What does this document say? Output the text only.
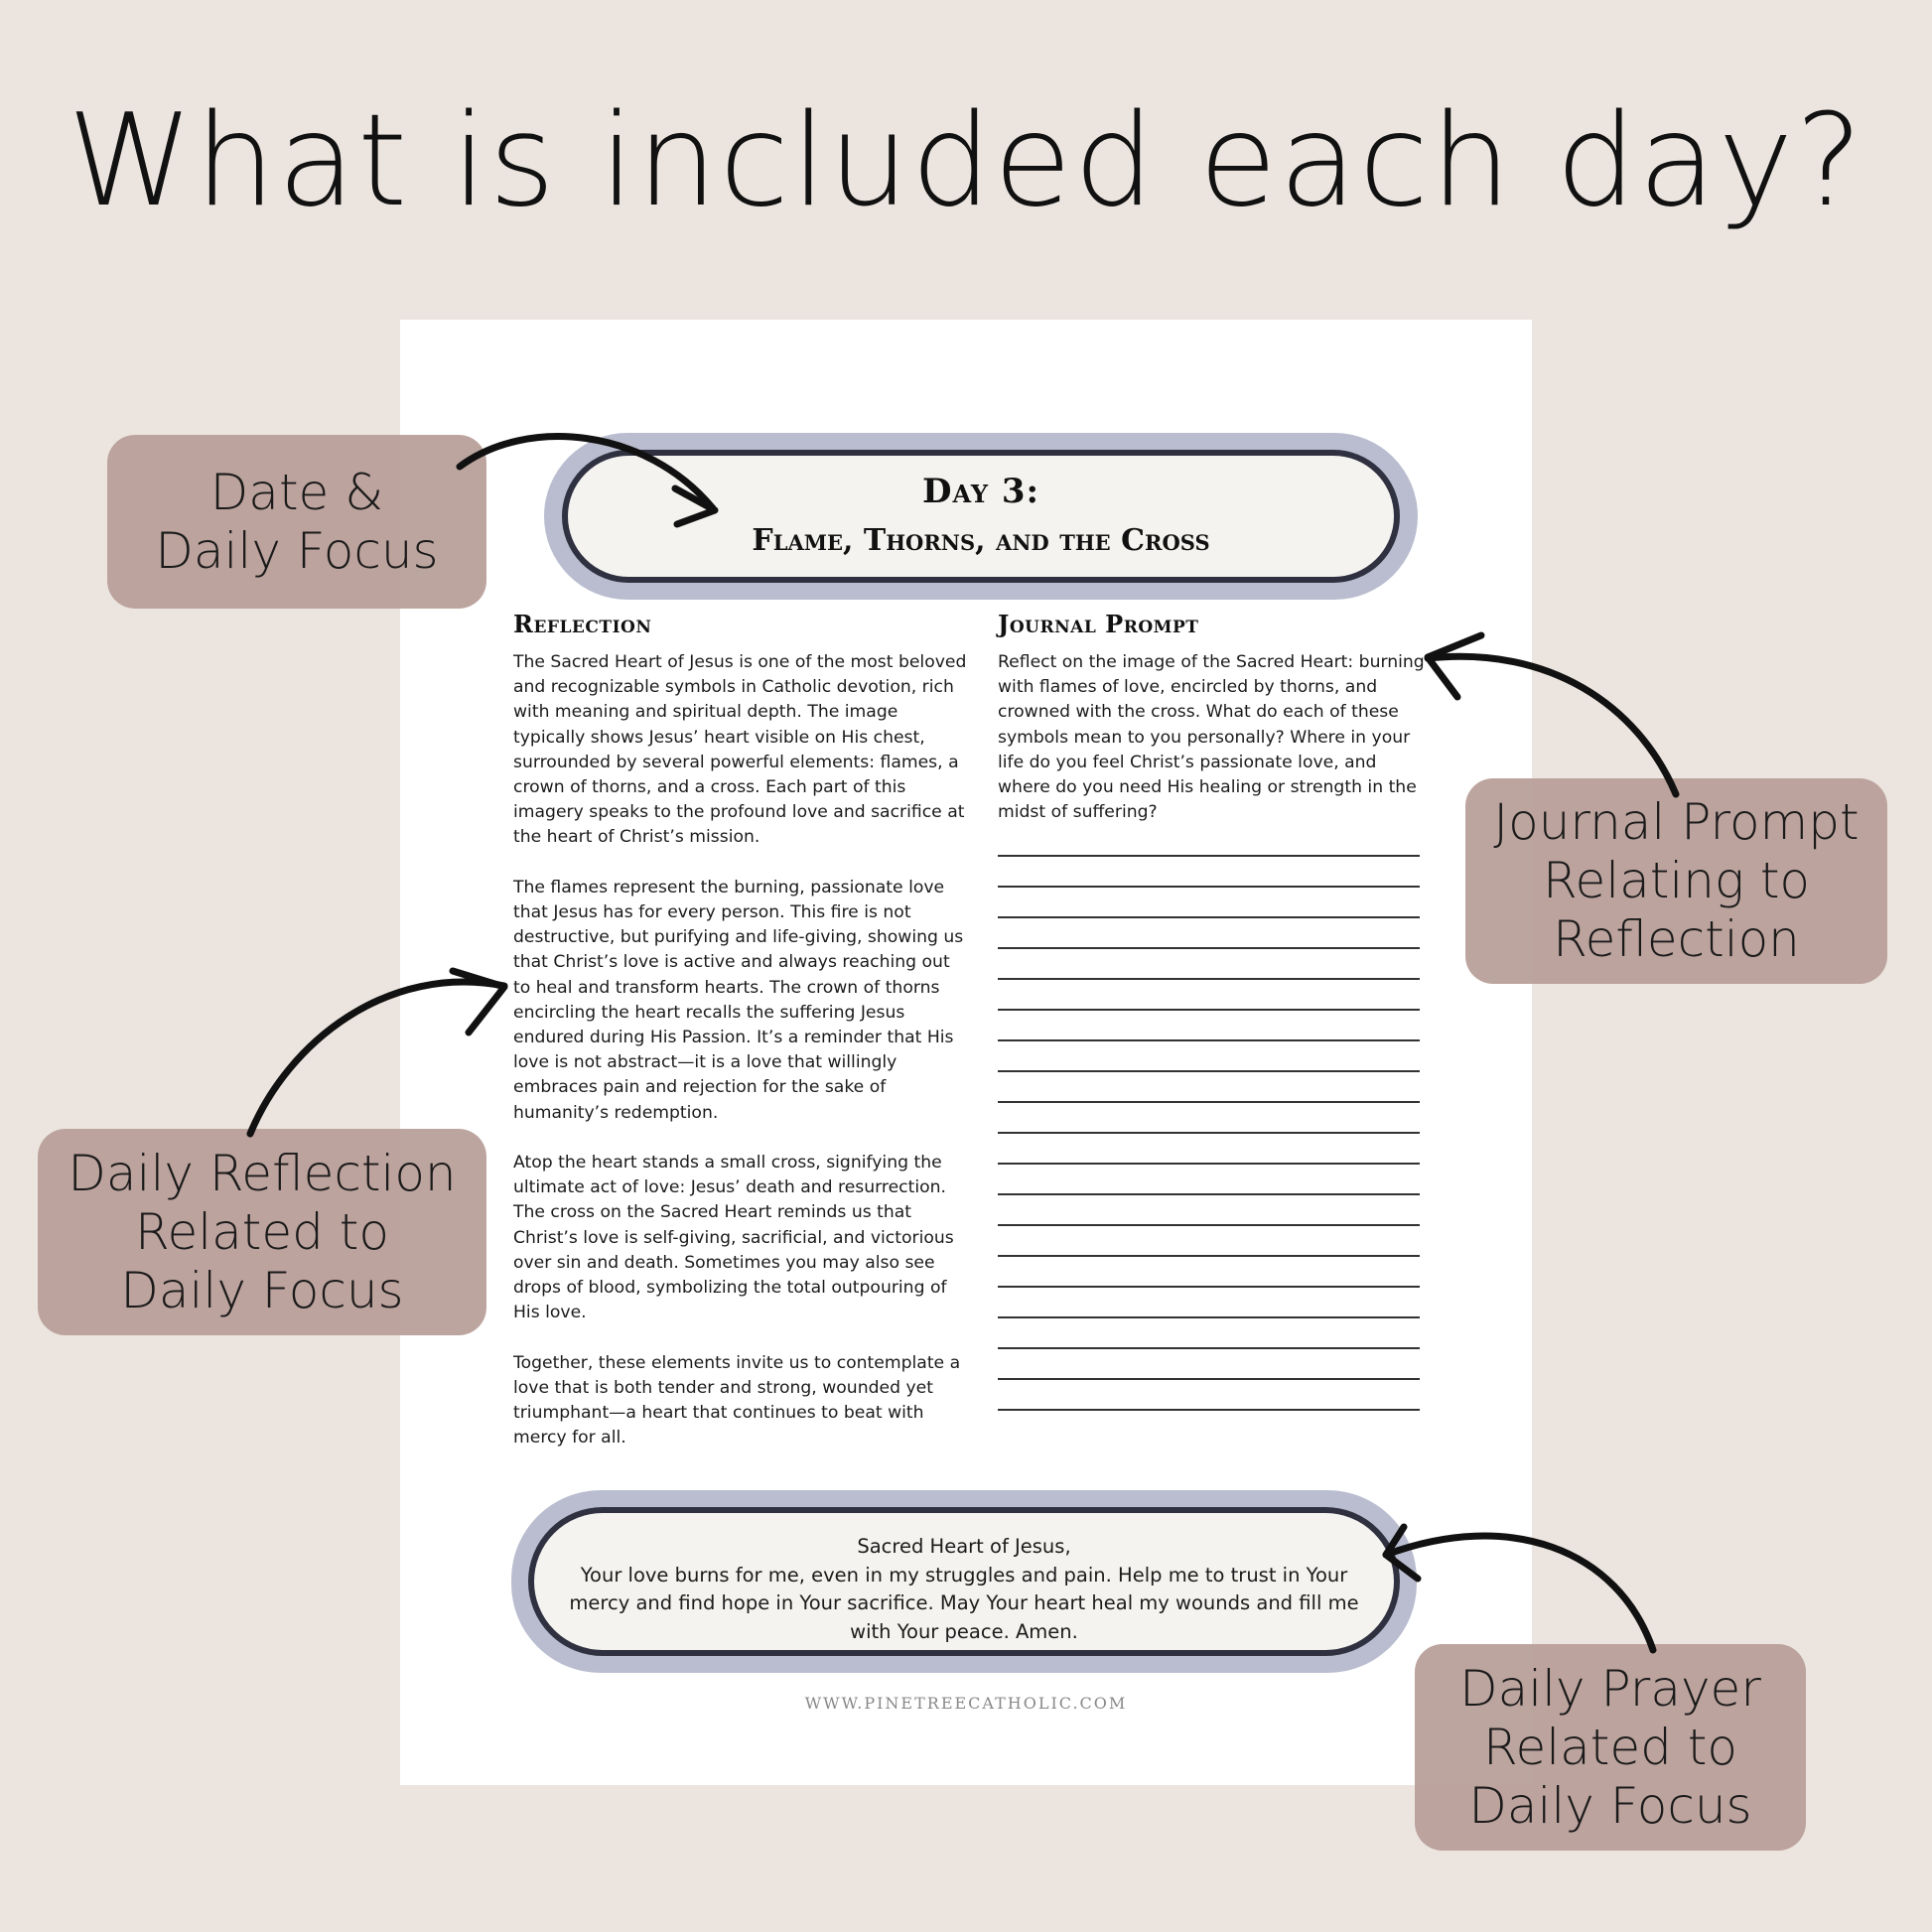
What is included each day?
Day 3:
Flame, Thorns, and the Cross
Reflection

The Sacred Heart of Jesus is one of the most beloved and recognizable symbols in Catholic devotion, rich with meaning and spiritual depth. The image typically shows Jesus’ heart visible on His chest, surrounded by several powerful elements: flames, a crown of thorns, and a cross. Each part of this imagery speaks to the profound love and sacrifice at the heart of Christ’s mission.

The flames represent the burning, passionate love that Jesus has for every person. This fire is not destructive, but purifying and life-giving, showing us that Christ’s love is active and always reaching out to heal and transform hearts. The crown of thorns encircling the heart recalls the suffering Jesus endured during His Passion. It’s a reminder that His love is not abstract—it is a love that willingly embraces pain and rejection for the sake of humanity’s redemption.

Atop the heart stands a small cross, signifying the ultimate act of love: Jesus’ death and resurrection. The cross on the Sacred Heart reminds us that Christ’s love is self-giving, sacrificial, and victorious over sin and death. Sometimes you may also see drops of blood, symbolizing the total outpouring of His love.

Together, these elements invite us to contemplate a love that is both tender and strong, wounded yet triumphant—a heart that continues to beat with mercy for all.

Journal Prompt
Reflect on the image of the Sacred Heart: burning with flames of love, encircled by thorns, and crowned with the cross. What do each of these symbols mean to you personally? Where in your life do you feel Christ’s passionate love, and where do you need His healing or strength in the midst of suffering?
Sacred Heart of Jesus,
Your love burns for me, even in my struggles and pain. Help me to trust in Your mercy and find hope in Your sacrifice. May Your heart heal my wounds and fill me with Your peace. Amen.
WWW.PINETREECATHOLIC.COM
Date &
Daily Focus
Journal Prompt
Relating to
Reflection
Daily Reflection
Related to
Daily Focus
Daily Prayer
Related to
Daily Focus
